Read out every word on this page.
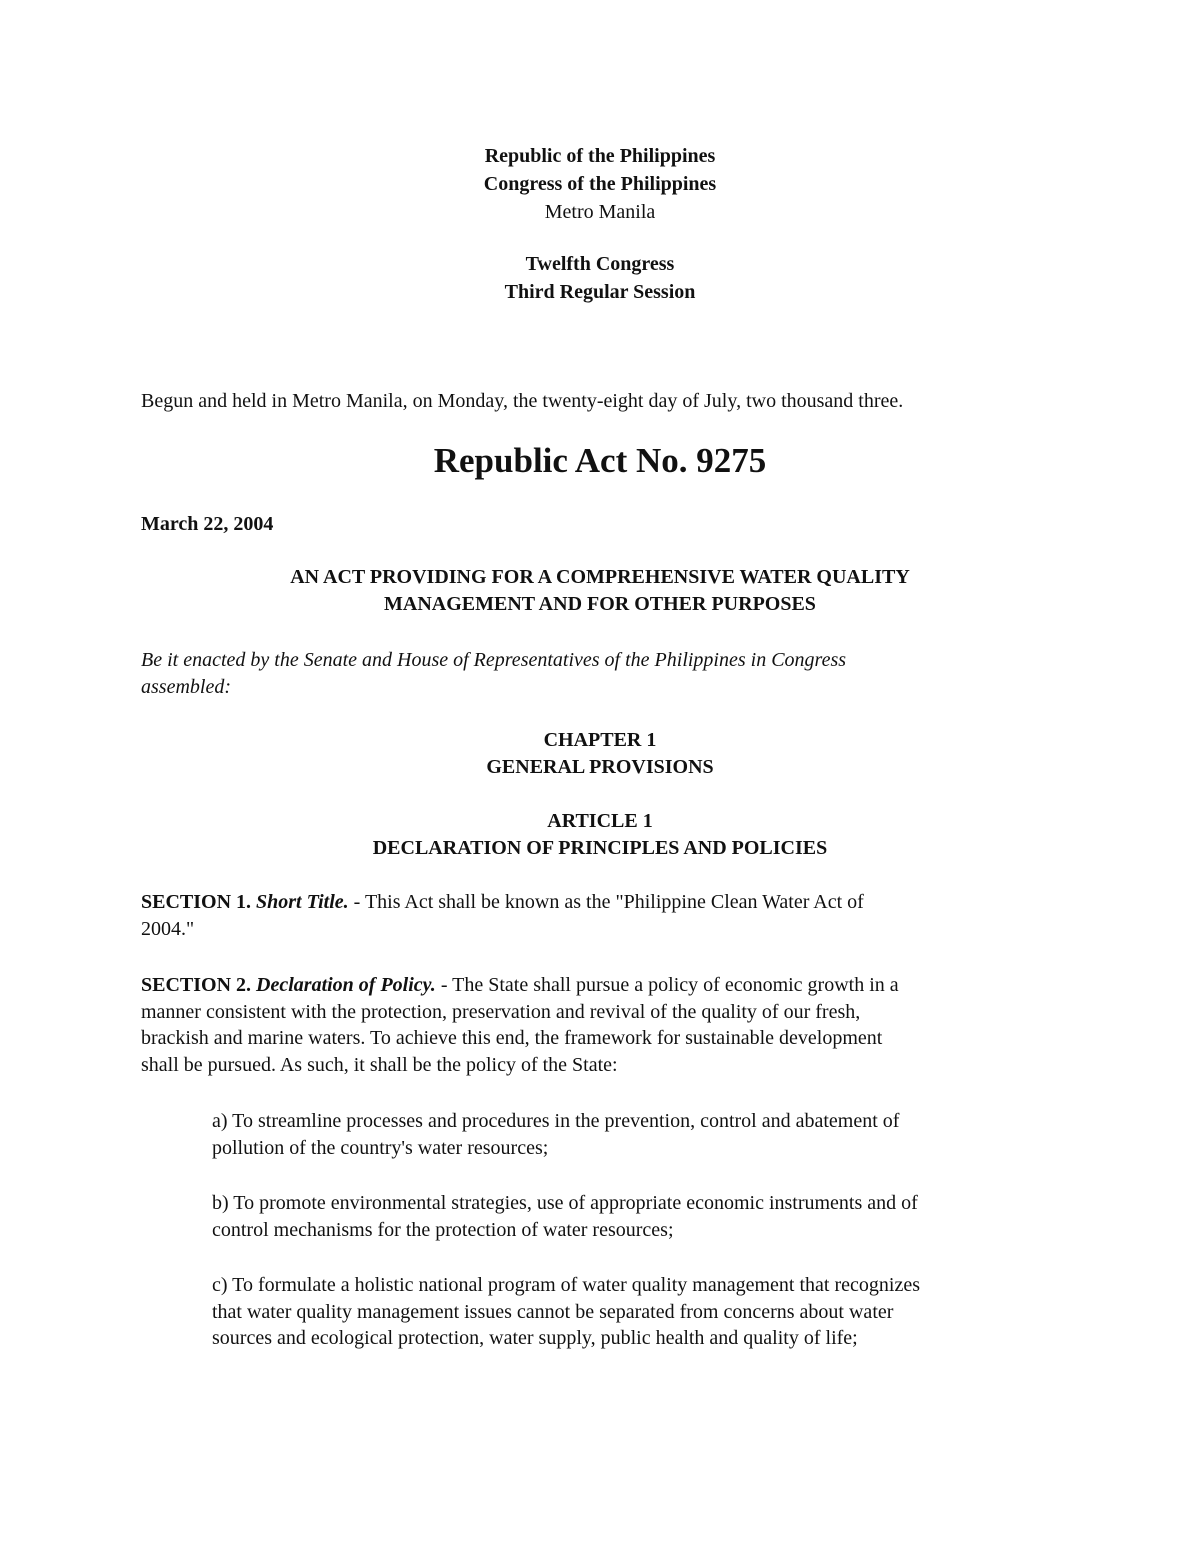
Republic of the Philippines
Congress of the Philippines
Metro Manila
Twelfth Congress
Third Regular Session
Begun and held in Metro Manila, on Monday, the twenty-eight day of July, two thousand three.
Republic Act No. 9275
March 22, 2004
AN ACT PROVIDING FOR A COMPREHENSIVE WATER QUALITY
MANAGEMENT AND FOR OTHER PURPOSES
Be it enacted by the Senate and House of Representatives of the Philippines in Congress
assembled:
CHAPTER 1
GENERAL PROVISIONS
ARTICLE 1
DECLARATION OF PRINCIPLES AND POLICIES
SECTION 1. Short Title. - This Act shall be known as the "Philippine Clean Water Act of
2004."
SECTION 2. Declaration of Policy. - The State shall pursue a policy of economic growth in a
manner consistent with the protection, preservation and revival of the quality of our fresh,
brackish and marine waters. To achieve this end, the framework for sustainable development
shall be pursued. As such, it shall be the policy of the State:
a) To streamline processes and procedures in the prevention, control and abatement of
pollution of the country's water resources;
b) To promote environmental strategies, use of appropriate economic instruments and of
control mechanisms for the protection of water resources;
c) To formulate a holistic national program of water quality management that recognizes
that water quality management issues cannot be separated from concerns about water
sources and ecological protection, water supply, public health and quality of life;
